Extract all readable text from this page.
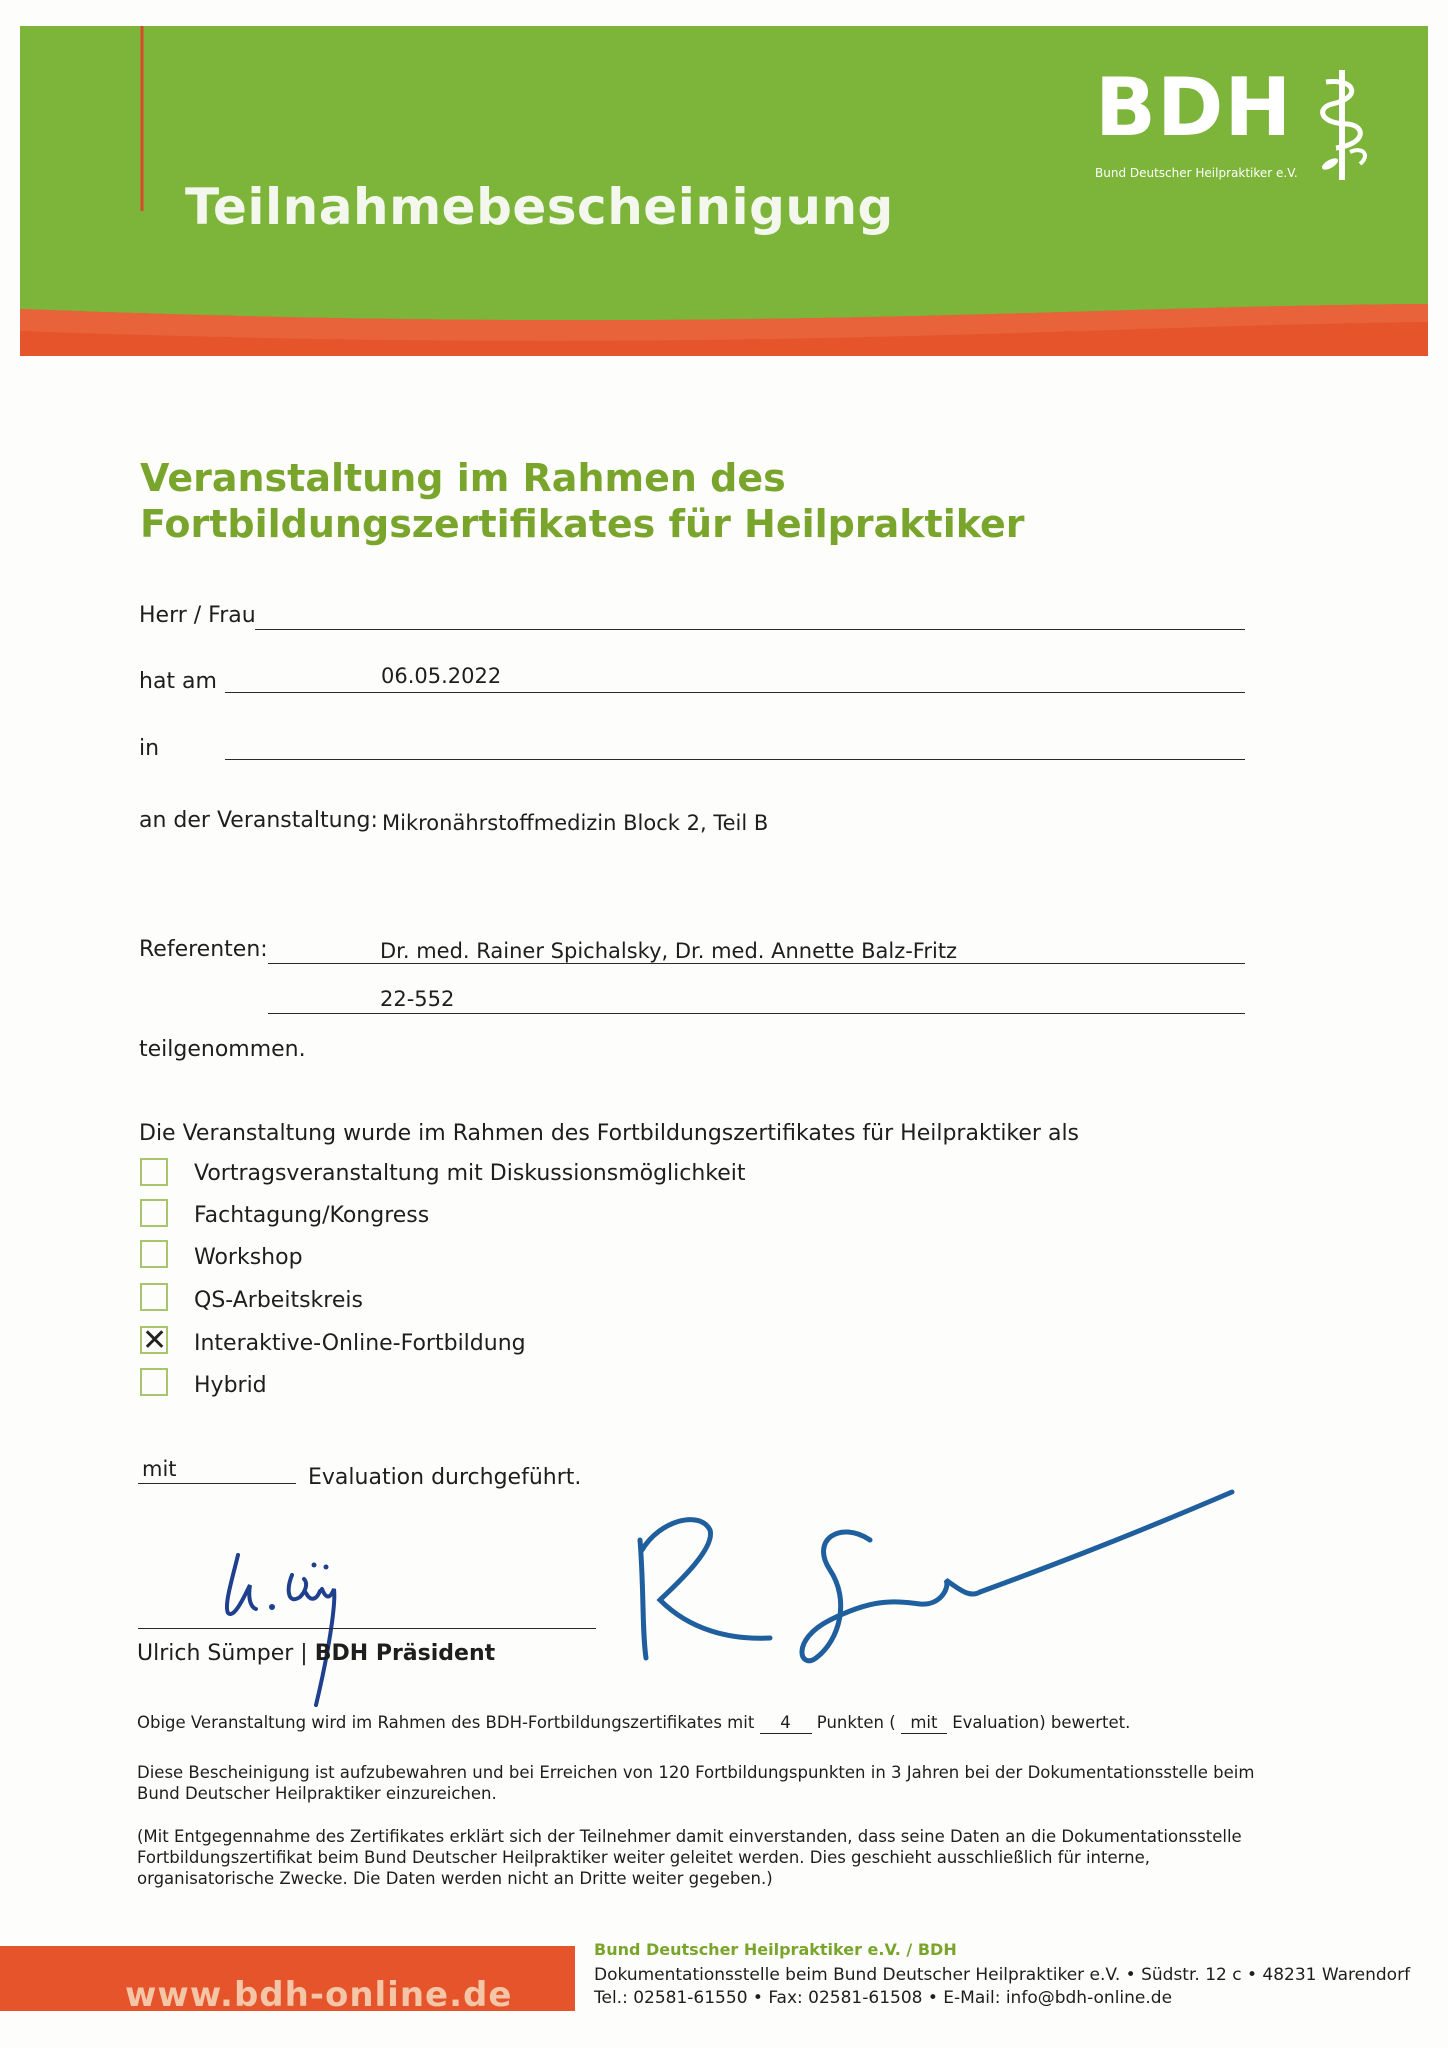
Teilnahmebescheinigung
BDH
Bund Deutscher Heilpraktiker e.V.
Veranstaltung im Rahmen des
Fortbildungszertifikates für Heilpraktiker
Herr / Frau
hat am	06.05.2022
in
an der Veranstaltung: Mikronährstoffmedizin Block 2, Teil B
Referenten:	Dr. med. Rainer Spichalsky, Dr. med. Annette Balz-Fritz
22-552
teilgenommen.
Die Veranstaltung wurde im Rahmen des Fortbildungszertifikates für Heilpraktiker als
Vortragsveranstaltung mit Diskussionsmöglichkeit
Fachtagung/Kongress
Workshop
QS-Arbeitskreis
✕ Interaktive-Online-Fortbildung
Hybrid
mit	Evaluation durchgeführt.
Ulrich Sümper | BDH Präsident
Obige Veranstaltung wird im Rahmen des BDH-Fortbildungszertifikates mit 4 Punkten ( mit Evaluation) bewertet.
Diese Bescheinigung ist aufzubewahren und bei Erreichen von 120 Fortbildungspunkten in 3 Jahren bei der Dokumentationsstelle beim Bund Deutscher Heilpraktiker einzureichen.
(Mit Entgegennahme des Zertifikates erklärt sich der Teilnehmer damit einverstanden, dass seine Daten an die Dokumentationsstelle Fortbildungszertifikat beim Bund Deutscher Heilpraktiker weiter geleitet werden. Dies geschieht ausschließlich für interne, organisatorische Zwecke. Die Daten werden nicht an Dritte weiter gegeben.)
www.bdh-online.de
Bund Deutscher Heilpraktiker e.V. / BDH
Dokumentationsstelle beim Bund Deutscher Heilpraktiker e.V. • Südstr. 12 c • 48231 Warendorf
Tel.: 02581-61550 • Fax: 02581-61508 • E-Mail: info@bdh-online.de
